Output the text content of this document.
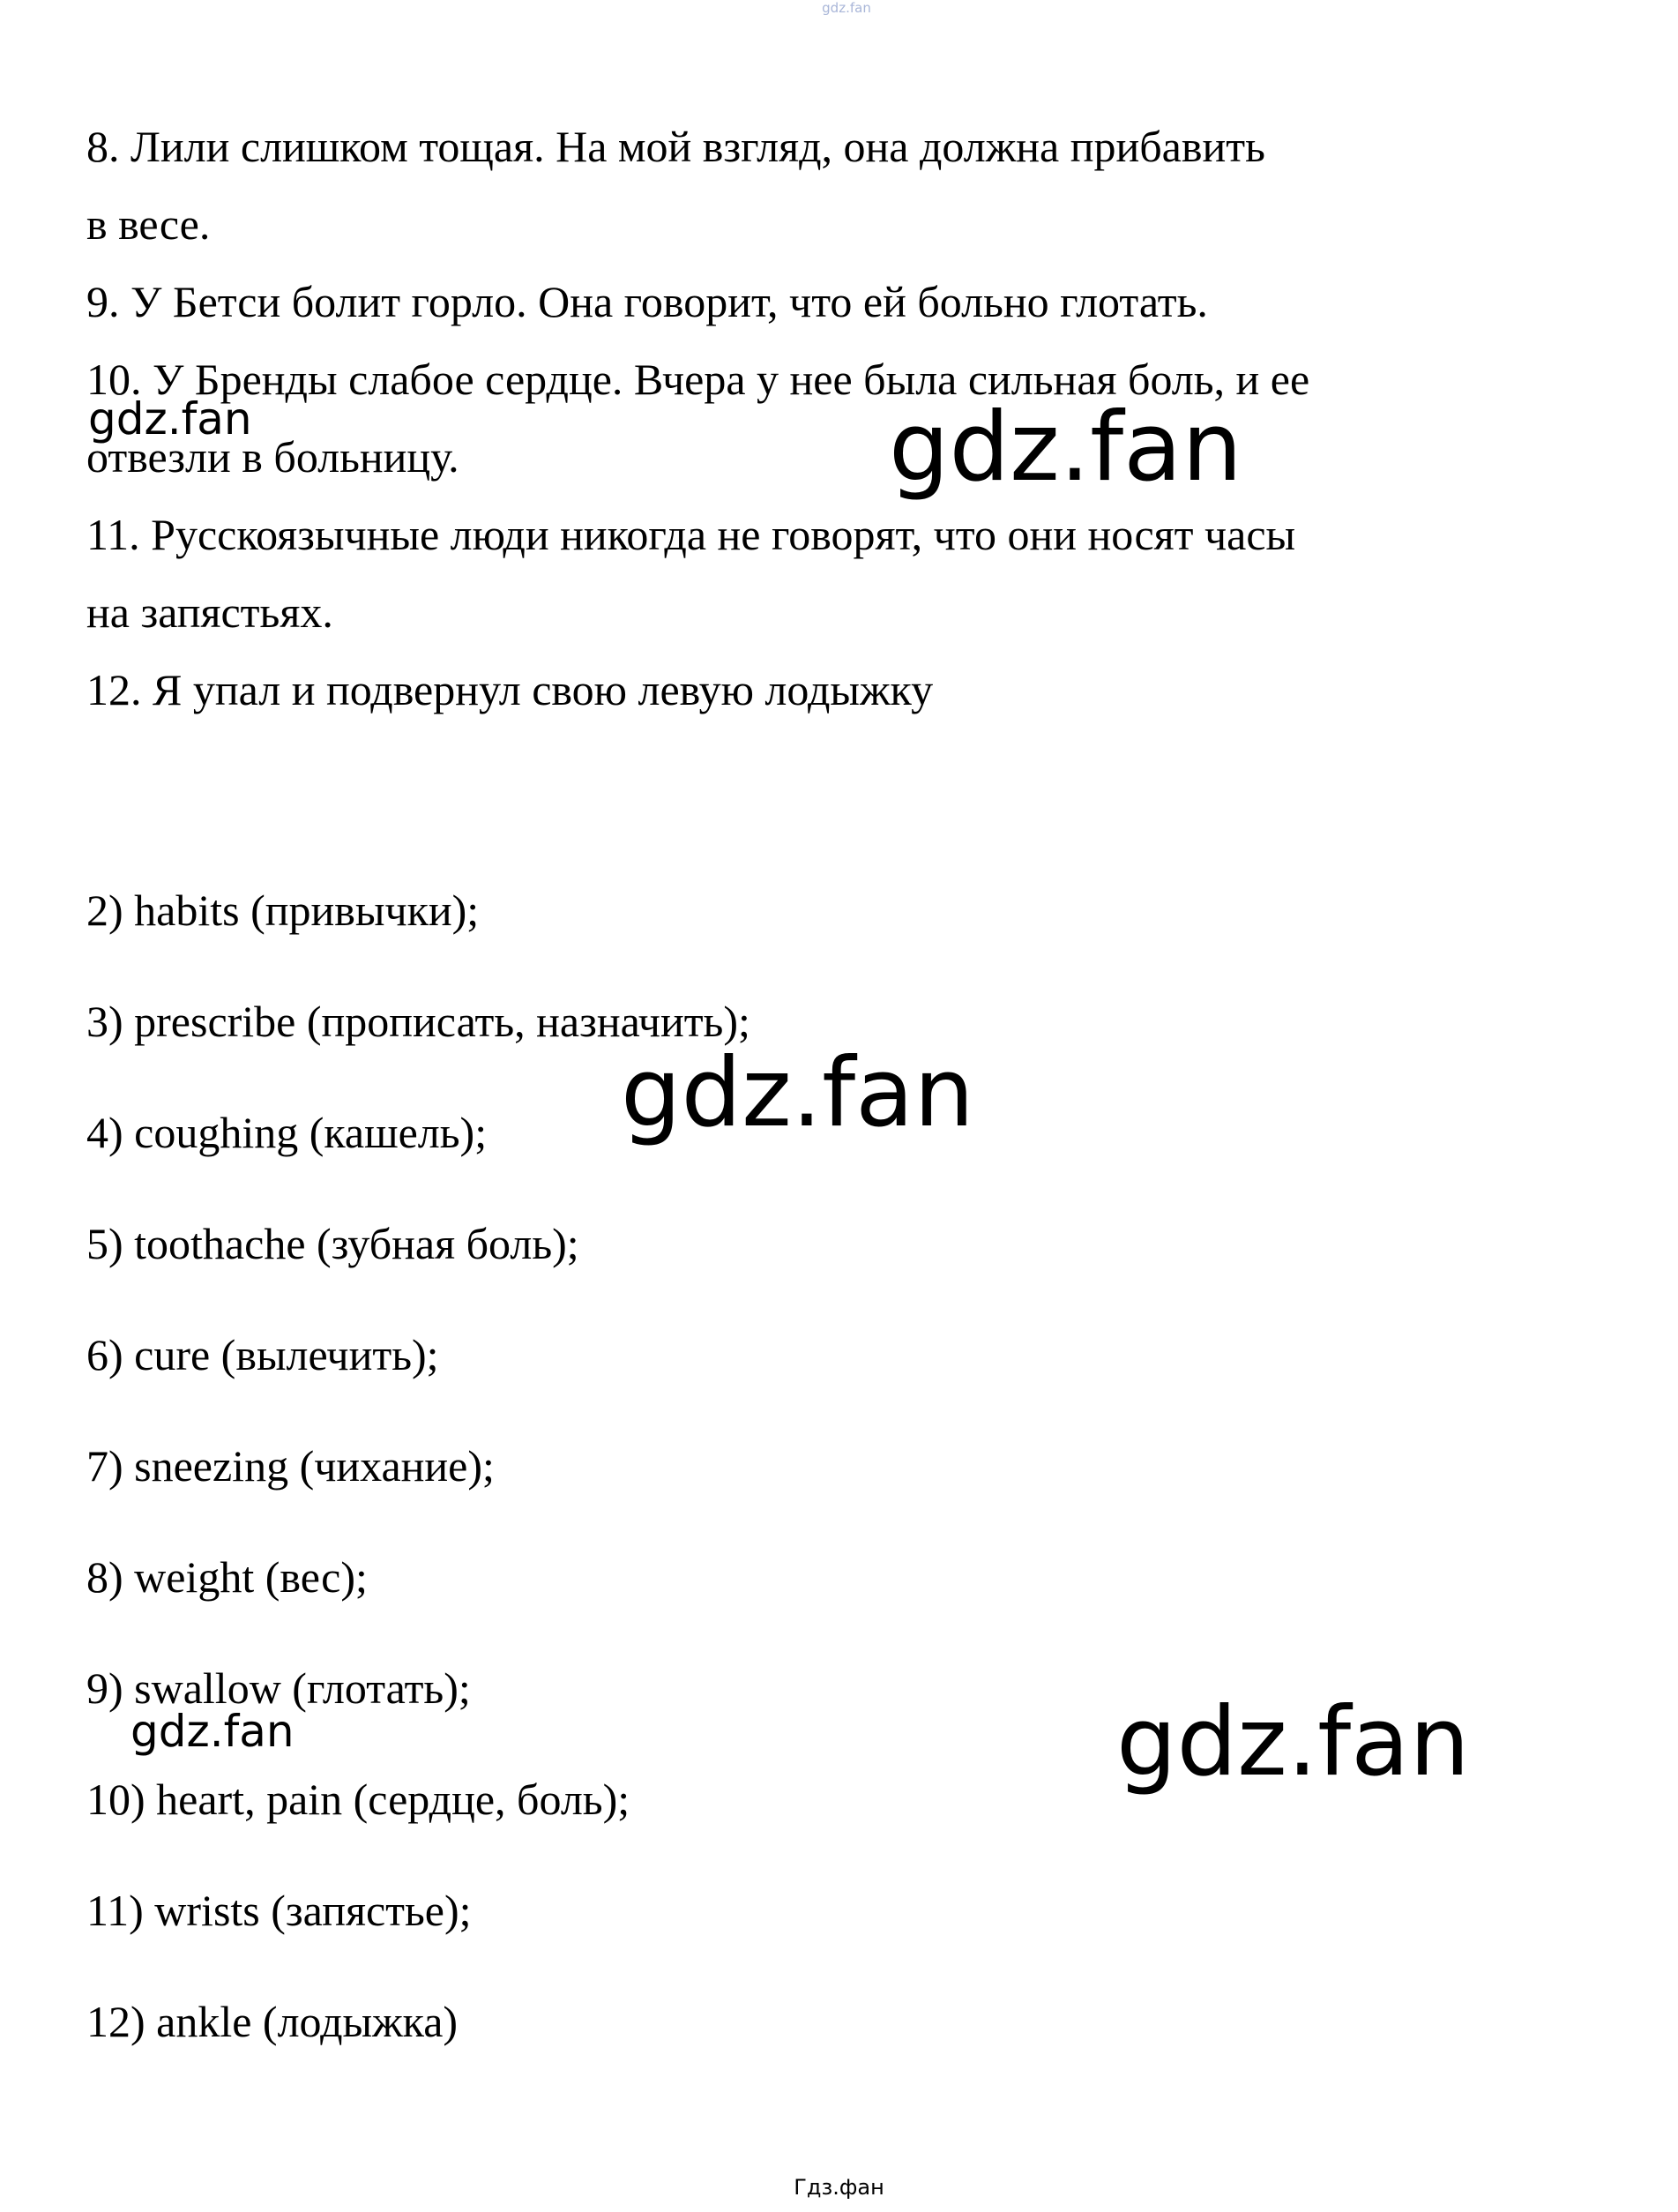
gdz.fan
8. Лили слишком тощая. На мой взгляд, она должна прибавить
в весе.
9. У Бетси болит горло. Она говорит, что ей больно глотать.
10. У Бренды слабое сердце. Вчера у нее была сильная боль, и ее
отвезли в больницу.
11. Русскоязычные люди никогда не говорят, что они носят часы
на запястьях.
12. Я упал и подвернул свою левую лодыжку
2) habits (привычки);
3) prescribe (прописать, назначить);
4) coughing (кашель);
5) toothache (зубная боль);
6) cure (вылечить);
7) sneezing (чихание);
8) weight (вес);
9) swallow (глотать);
10) heart, pain (сердце, боль);
11) wrists (запястье);
12) ankle (лодыжка)
gdz.fan	gdz.fan
gdz.fan
gdz.fan	gdz.fan
Гдз.фан
